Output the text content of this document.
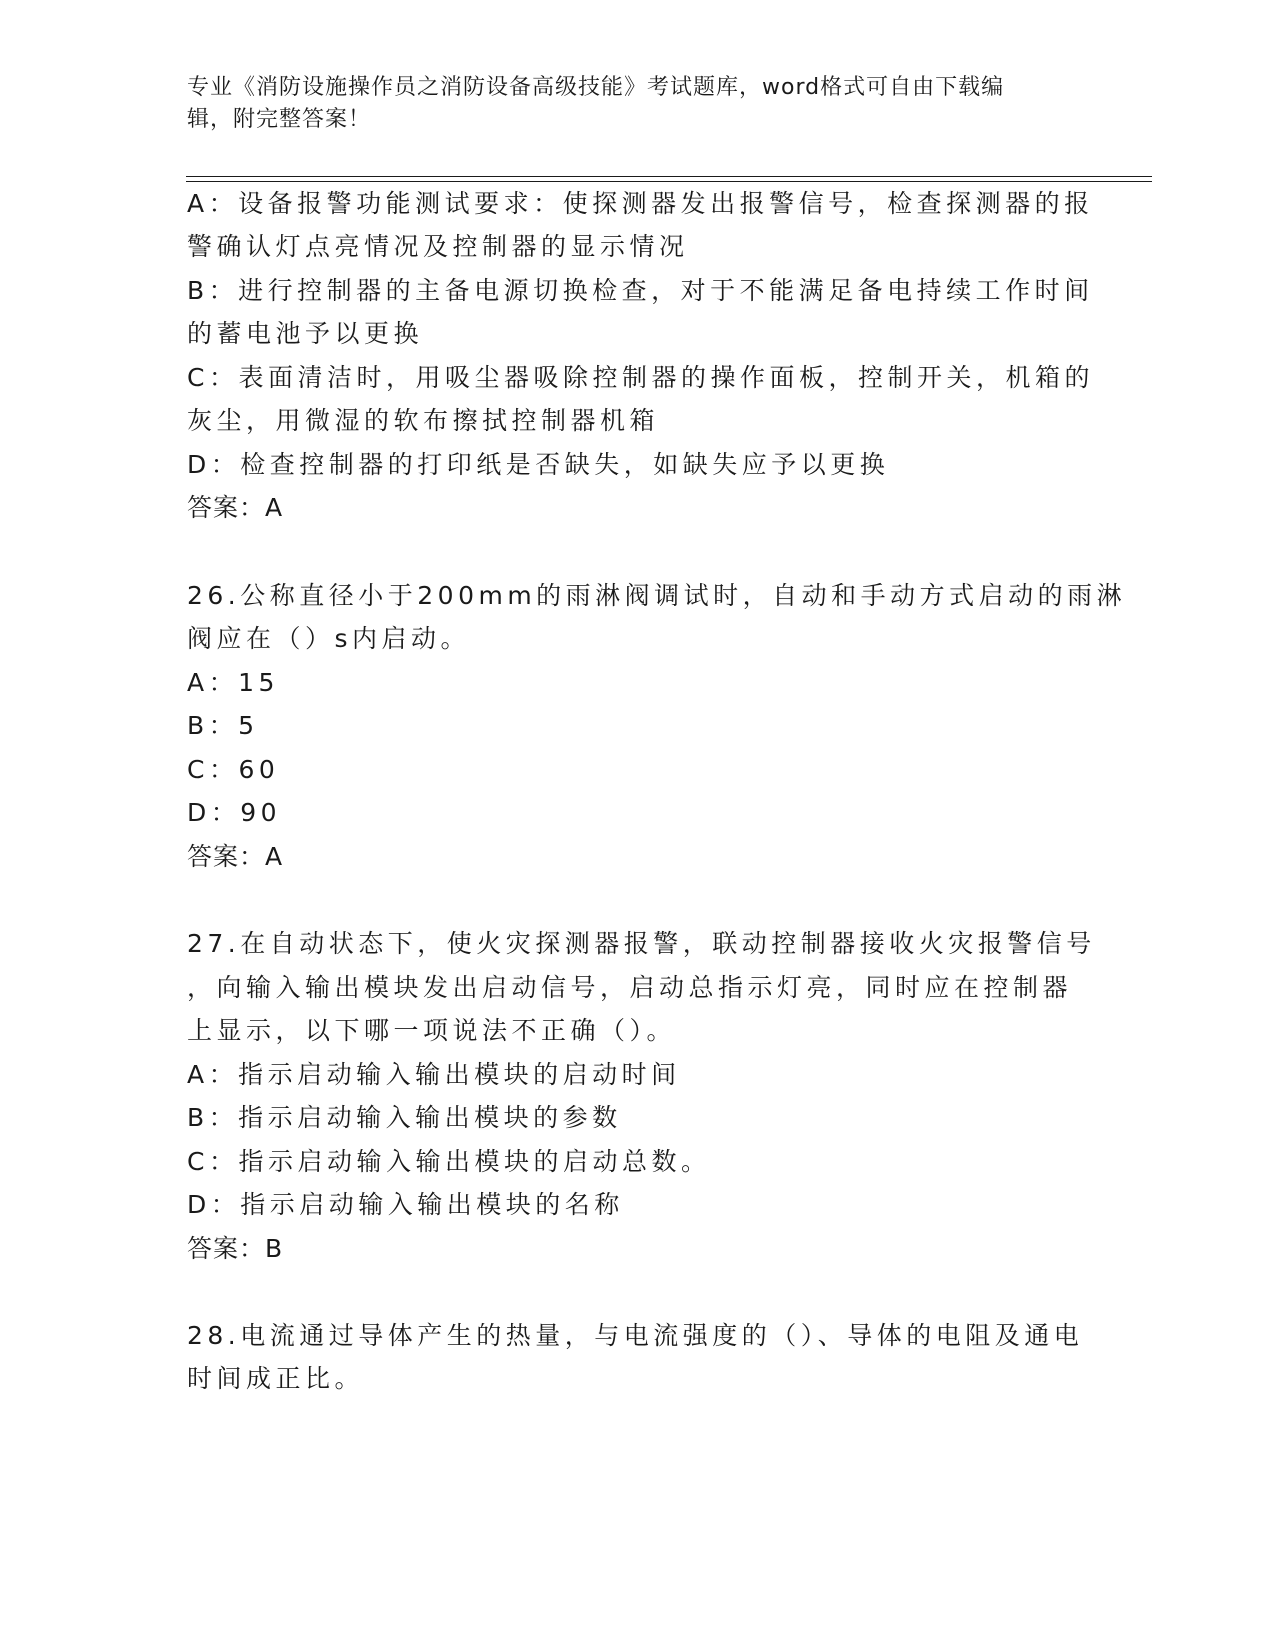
专业《消防设施操作员之消防设备高级技能》考试题库，word格式可自由下载编
辑，附完整答案！
A：设备报警功能测试要求：使探测器发出报警信号，检查探测器的报
警确认灯点亮情况及控制器的显示情况
B：进行控制器的主备电源切换检查，对于不能满足备电持续工作时间
的蓄电池予以更换
C：表面清洁时，用吸尘器吸除控制器的操作面板，控制开关，机箱的
灰尘，用微湿的软布擦拭控制器机箱
D：检查控制器的打印纸是否缺失，如缺失应予以更换
答案：A
26.公称直径小于200mm的雨淋阀调试时，自动和手动方式启动的雨淋
阀应在（）s内启动。
A：15
B：5
C：60
D：90
答案：A
27.在自动状态下，使火灾探测器报警，联动控制器接收火灾报警信号
，向输入输出模块发出启动信号，启动总指示灯亮，同时应在控制器
上显示，以下哪一项说法不正确（）。
A：指示启动输入输出模块的启动时间
B：指示启动输入输出模块的参数
C：指示启动输入输出模块的启动总数。
D：指示启动输入输出模块的名称
答案：B
28.电流通过导体产生的热量，与电流强度的（）、导体的电阻及通电
时间成正比。
